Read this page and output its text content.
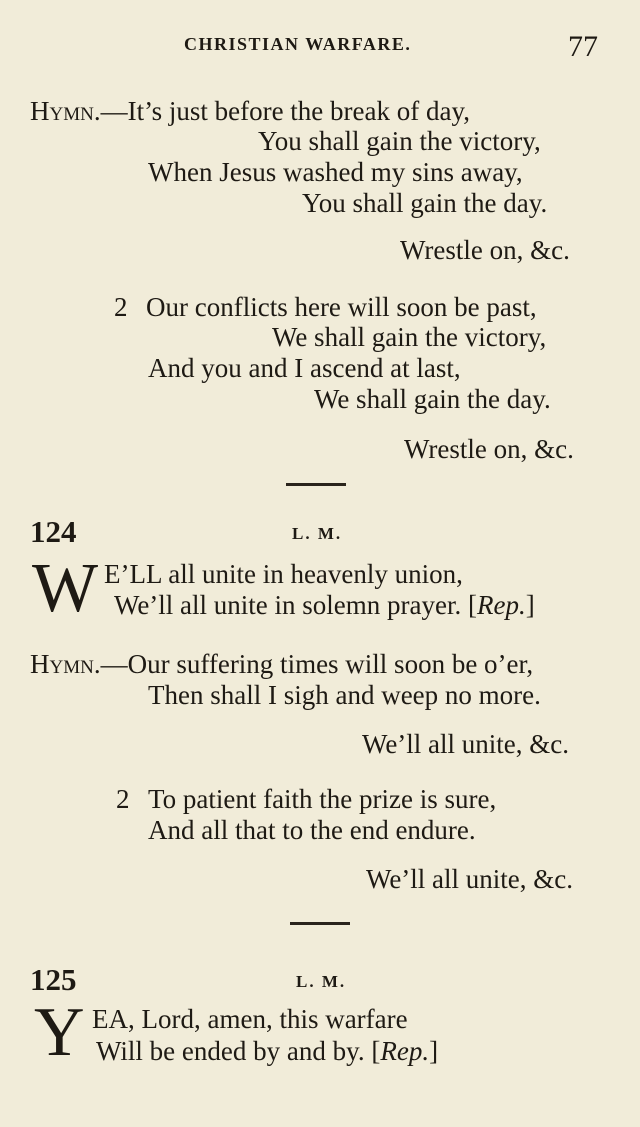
CHRISTIAN WARFARE.	77
Hymn.—It’s just before the break of day,
You shall gain the victory,
When Jesus washed my sins away,
You shall gain the day.
Wrestle on, &c.
2 Our conflicts here will soon be past,
We shall gain the victory,
And you and I ascend at last,
We shall gain the day.
Wrestle on, &c.
124	L. M.
W E’LL all unite in heavenly union,
We’ll all unite in solemn prayer. [Rep.]
Hymn.—Our suffering times will soon be o’er,
Then shall I sigh and weep no more.
We’ll all unite, &c.
2 To patient faith the prize is sure,
And all that to the end endure.
We’ll all unite, &c.
125	L. M.
Y EA, Lord, amen, this warfare
Will be ended by and by. [Rep.]
